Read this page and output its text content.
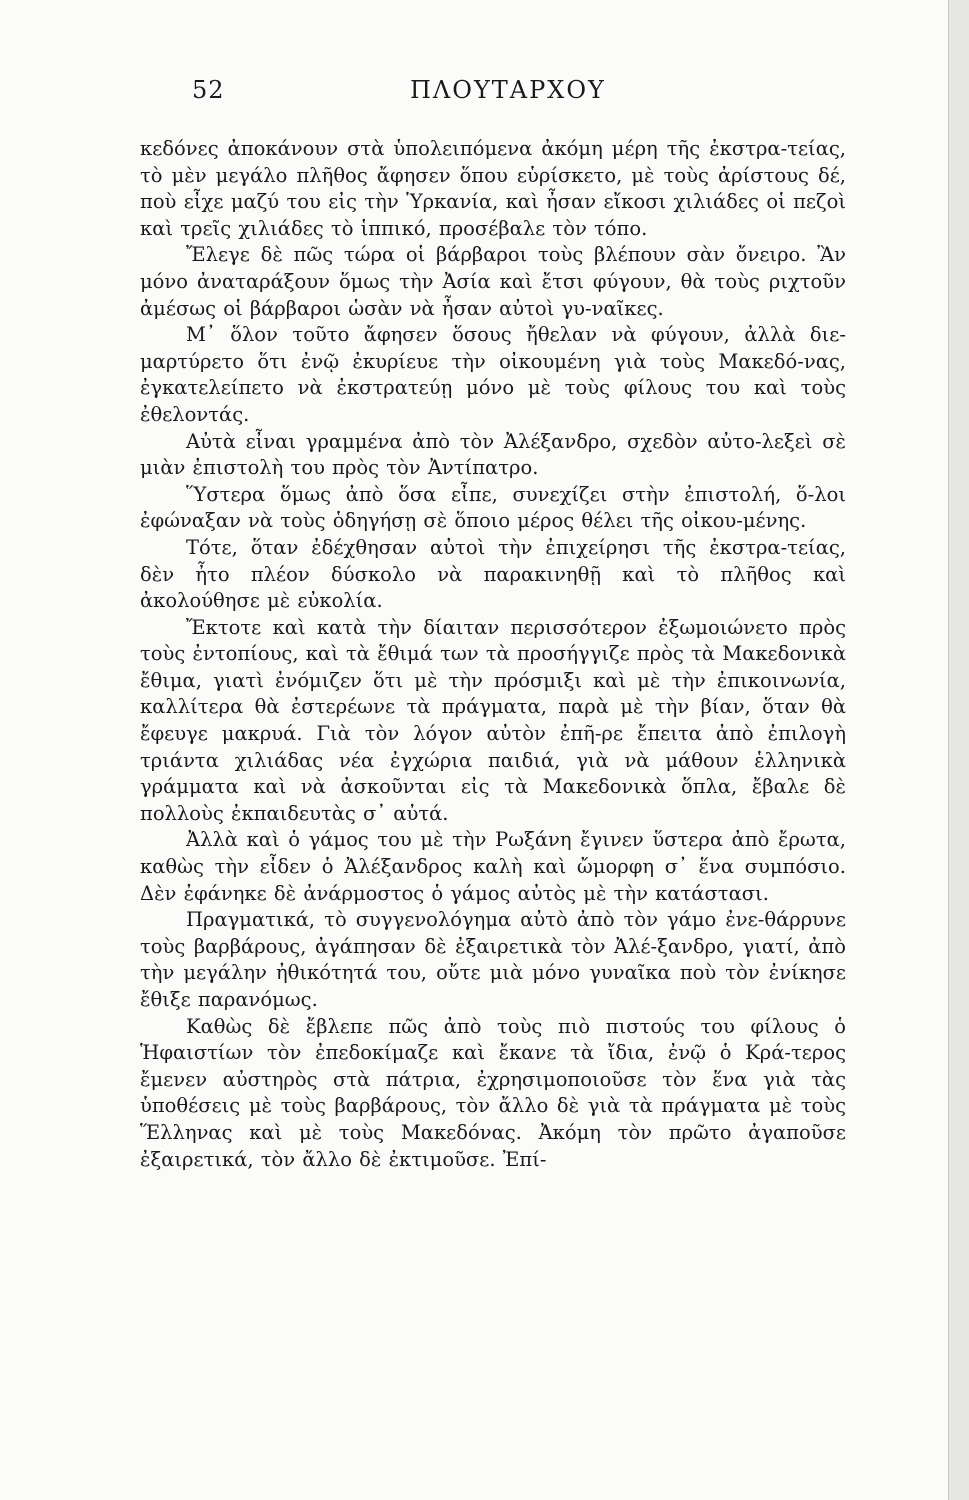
52	ΠΛΟΥΤΑΡΧΟΥ

κεδόνες ἀποκάνουν στὰ ὑπολειπόμενα ἀκόμη μέρη τῆς ἐκστρα-τείας, τὸ μὲν μεγάλο πλῆθος ἄφησεν ὅπου εὑρίσκετο, μὲ τοὺς ἀρίστους δέ, ποὺ εἶχε μαζύ του εἰς τὴν Ὑρκανία, καὶ ἦσαν εἴκοσι χιλιάδες οἱ πεζοὶ καὶ τρεῖς χιλιάδες τὸ ἱππικό, προσέβαλε τὸν τόπο.

Ἔλεγε δὲ πῶς τώρα οἱ βάρβαροι τοὺς βλέπουν σὰν ὄνειρο. Ἂν μόνο ἀναταράξουν ὅμως τὴν Ἀσία καὶ ἔτσι φύγουν, θὰ τοὺς ριχτοῦν ἀμέσως οἱ βάρβαροι ὡσὰν νὰ ἦσαν αὐτοὶ γυ-ναῖκες.

Μ᾽ ὅλον τοῦτο ἄφησεν ὅσους ἤθελαν νὰ φύγουν, ἀλλὰ διε-μαρτύρετο ὅτι ἐνῷ ἐκυρίευε τὴν οἰκουμένη γιὰ τοὺς Μακεδό-νας, ἐγκατελείπετο νὰ ἐκστρατεύῃ μόνο μὲ τοὺς φίλους του καὶ τοὺς ἐθελοντάς.

Αὐτὰ εἶναι γραμμένα ἀπὸ τὸν Ἀλέξανδρο, σχεδὸν αὐτο-λεξεὶ σὲ μιὰν ἐπιστολὴ του πρὸς τὸν Ἀντίπατρο.

Ὕστερα ὅμως ἀπὸ ὅσα εἶπε, συνεχίζει στὴν ἐπιστολή, ὅ-λοι ἐφώναξαν νὰ τοὺς ὁδηγήσῃ σὲ ὅποιο μέρος θέλει τῆς οἰκου-μένης.

Τότε, ὅταν ἐδέχθησαν αὐτοὶ τὴν ἐπιχείρησι τῆς ἐκστρα-τείας, δὲν ἦτο πλέον δύσκολο νὰ παρακινηθῇ καὶ τὸ πλῆθος καὶ ἀκολούθησε μὲ εὐκολία.

Ἔκτοτε καὶ κατὰ τὴν δίαιταν περισσότερον ἐξωμοιώνετο πρὸς τοὺς ἐντοπίους, καὶ τὰ ἔθιμά των τὰ προσήγγιζε πρὸς τὰ Μακεδονικὰ ἔθιμα, γιατὶ ἐνόμιζεν ὅτι μὲ τὴν πρόσμιξι καὶ μὲ τὴν ἐπικοινωνία, καλλίτερα θὰ ἐστερέωνε τὰ πράγματα, παρὰ μὲ τὴν βίαν, ὅταν θὰ ἔφευγε μακρυά. Γιὰ τὸν λόγον αὐτὸν ἐπῆ-ρε ἔπειτα ἀπὸ ἐπιλογὴ τριάντα χιλιάδας νέα ἐγχώρια παιδιά, γιὰ νὰ μάθουν ἑλληνικὰ γράμματα καὶ νὰ ἀσκοῦνται εἰς τὰ Μακεδονικὰ ὅπλα, ἔβαλε δὲ πολλοὺς ἐκπαιδευτὰς σ᾽ αὐτά.

Ἀλλὰ καὶ ὁ γάμος του μὲ τὴν Ρωξάνη ἔγινεν ὕστερα ἀπὸ ἔρωτα, καθὼς τὴν εἶδεν ὁ Ἀλέξανδρος καλὴ καὶ ὤμορφη σ᾽ ἕνα συμπόσιο. Δὲν ἐφάνηκε δὲ ἀνάρμοστος ὁ γάμος αὐτὸς μὲ τὴν κατάστασι.

Πραγματικά, τὸ συγγενολόγημα αὐτὸ ἀπὸ τὸν γάμο ἐνε-θάρρυνε τοὺς βαρβάρους, ἀγάπησαν δὲ ἐξαιρετικὰ τὸν Ἀλέ-ξανδρο, γιατί, ἀπὸ τὴν μεγάλην ἠθικότητά του, οὔτε μιὰ μόνο γυναῖκα ποὺ τὸν ἐνίκησε ἔθιξε παρανόμως.

Καθὼς δὲ ἔβλεπε πῶς ἀπὸ τοὺς πιὸ πιστούς του φίλους ὁ Ἡφαιστίων τὸν ἐπεδοκίμαζε καὶ ἔκανε τὰ ἴδια, ἐνῷ ὁ Κρά-τερος ἔμενεν αὐστηρὸς στὰ πάτρια, ἐχρησιμοποιοῦσε τὸν ἕνα γιὰ τὰς ὑποθέσεις μὲ τοὺς βαρβάρους, τὸν ἄλλο δὲ γιὰ τὰ πράγματα μὲ τοὺς Ἕλληνας καὶ μὲ τοὺς Μακεδόνας. Ἀκόμη τὸν πρῶτο ἀγαποῦσε ἐξαιρετικά, τὸν ἄλλο δὲ ἐκτιμοῦσε. Ἐπί-
